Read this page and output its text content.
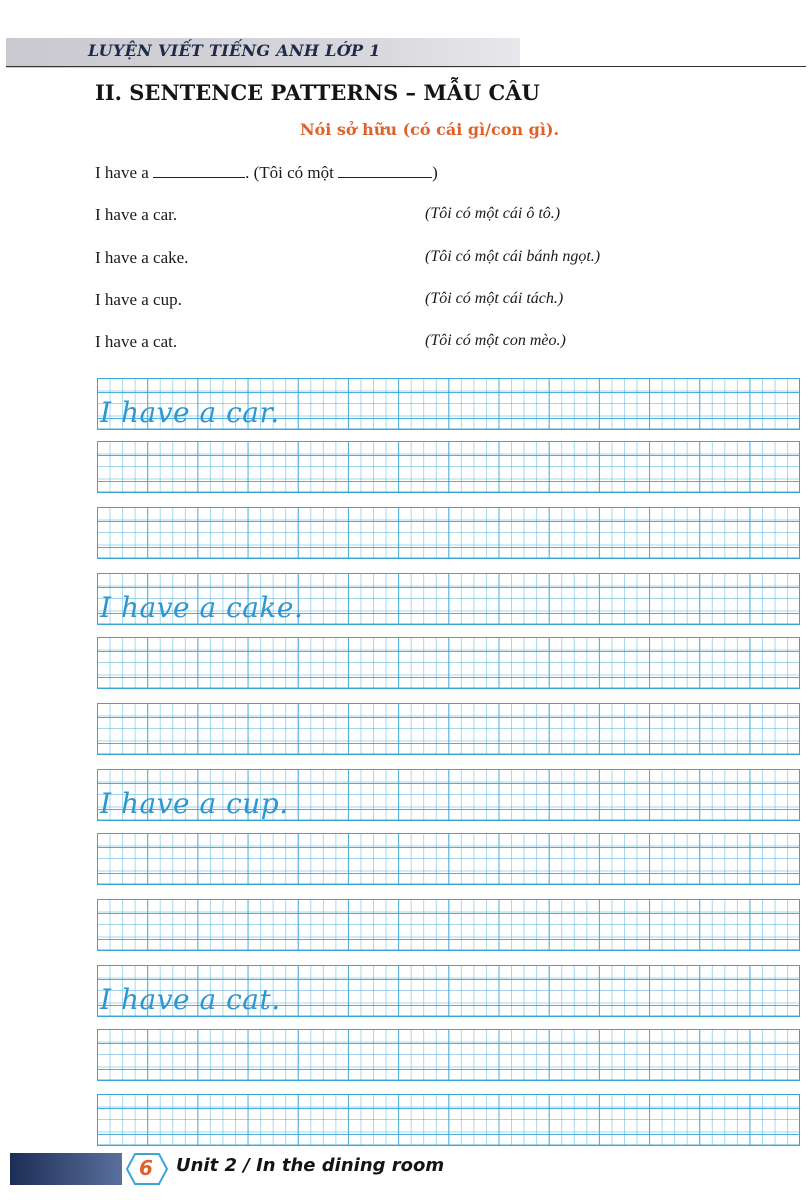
LUYỆN VIẾT TIẾNG ANH LỚP 1
II. SENTENCE PATTERNS – MẪU CÂU
Nói sở hữu (có cái gì/con gì).
I have a	. (Tôi có một	)
I have a car.	(Tôi có một cái ô tô.)
I have a cake.	(Tôi có một cái bánh ngọt.)
I have a cup.	(Tôi có một cái tách.)
I have a cat.	(Tôi có một con mèo.)
I have a car.
I have a cake.
I have a cup.
I have a cat.
6	Unit 2 / In the dining room
